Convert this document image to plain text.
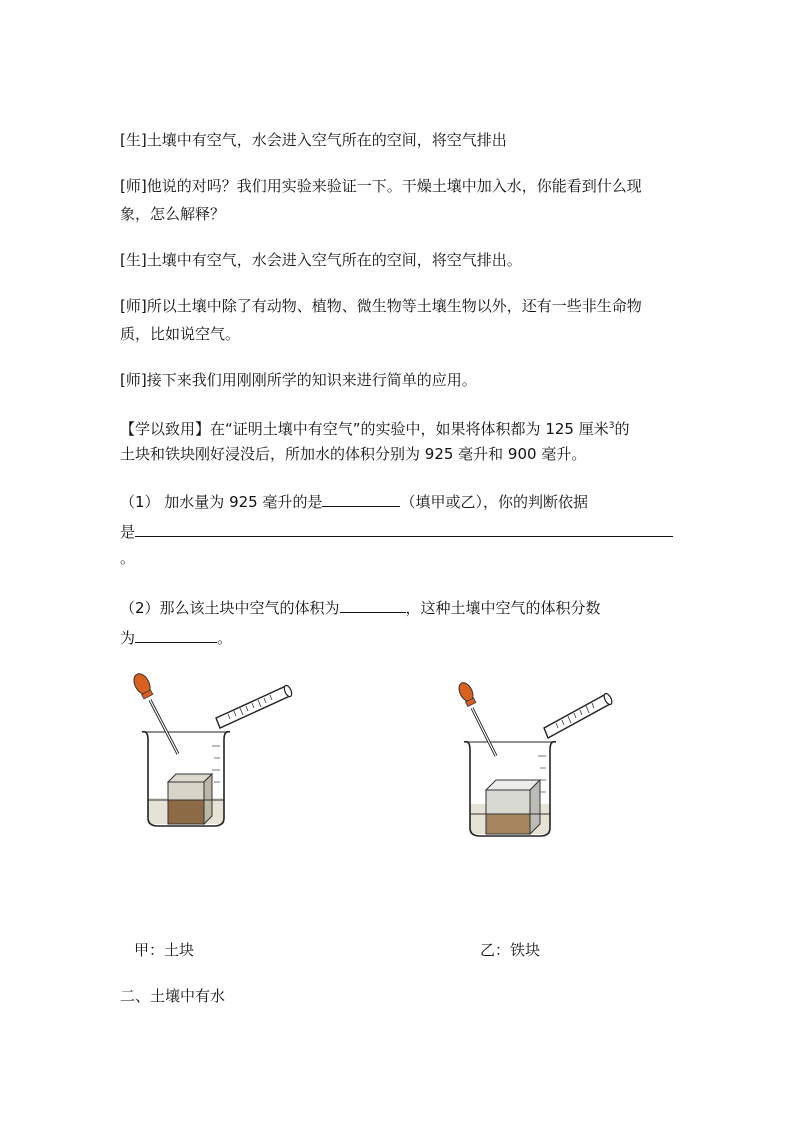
[生]土壤中有空气，水会进入空气所在的空间，将空气排出
[师]他说的对吗？我们用实验来验证一下。干燥土壤中加入水，你能看到什么现
象，怎么解释？
[生]土壤中有空气，水会进入空气所在的空间，将空气排出。
[师]所以土壤中除了有动物、植物、微生物等土壤生物以外，还有一些非生命物
质，比如说空气。
[师]接下来我们用刚刚所学的知识来进行简单的应用。
【学以致用】在“证明土壤中有空气”的实验中，如果将体积都为 125 厘米$^3$的
土块和铁块刚好浸没后，所加水的体积分别为 925 毫升和 900 毫升。
（1） 加水量为 925 毫升的是	（填甲或乙），你的判断依据
是
。
（2）那么该土块中空气的体积为	，这种土壤中空气的体积分数
为	。
甲：土块	乙：铁块
二、土壤中有水
